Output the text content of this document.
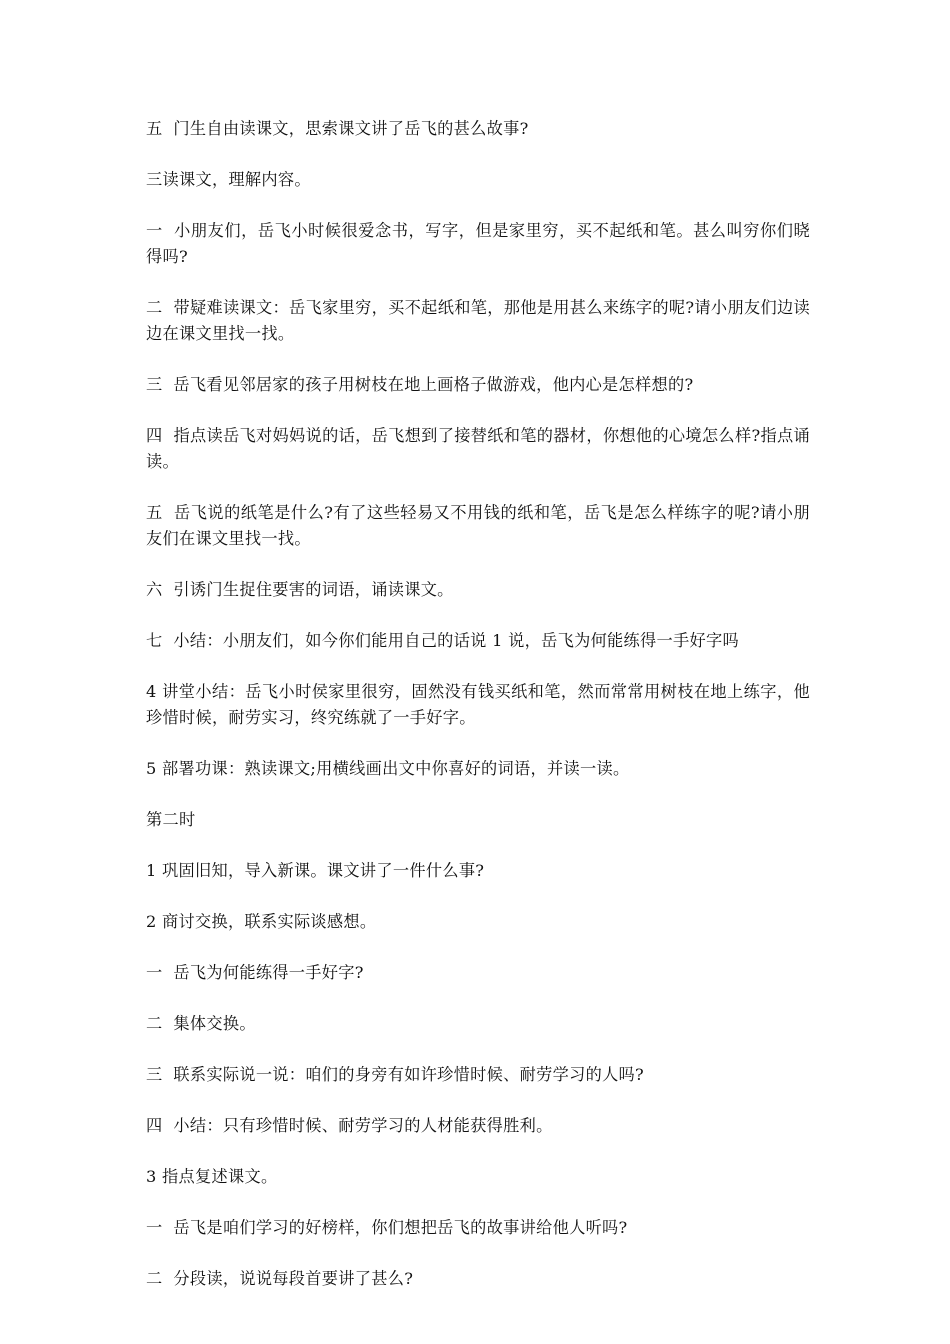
五  门生自由读课文，思索课文讲了岳飞的甚么故事?

三读课文，理解内容。

一  小朋友们，岳飞小时候很爱念书，写字，但是家里穷，买不起纸和笔。甚么叫穷你们晓得吗?

二  带疑难读课文：岳飞家里穷，买不起纸和笔，那他是用甚么来练字的呢?请小朋友们边读边在课文里找一找。

三  岳飞看见邻居家的孩子用树枝在地上画格子做游戏，他内心是怎样想的?

四  指点读岳飞对妈妈说的话，岳飞想到了接替纸和笔的器材，你想他的心境怎么样?指点诵读。

五  岳飞说的纸笔是什么?有了这些轻易又不用钱的纸和笔，岳飞是怎么样练字的呢?请小朋友们在课文里找一找。

六  引诱门生捉住要害的词语，诵读课文。

七  小结：小朋友们，如今你们能用自己的话说 1 说，岳飞为何能练得一手好字吗

4 讲堂小结：岳飞小时侯家里很穷，固然没有钱买纸和笔，然而常常用树枝在地上练字，他珍惜时候，耐劳实习，终究练就了一手好字。

5 部署功课：熟读课文;用横线画出文中你喜好的词语，并读一读。

第二时

1 巩固旧知，导入新课。课文讲了一件什么事?

2 商讨交换，联系实际谈感想。

一  岳飞为何能练得一手好字?

二  集体交换。

三  联系实际说一说：咱们的身旁有如许珍惜时候、耐劳学习的人吗?

四  小结：只有珍惜时候、耐劳学习的人材能获得胜利。

3 指点复述课文。

一  岳飞是咱们学习的好榜样，你们想把岳飞的故事讲给他人听吗?

二  分段读，说说每段首要讲了甚么?
